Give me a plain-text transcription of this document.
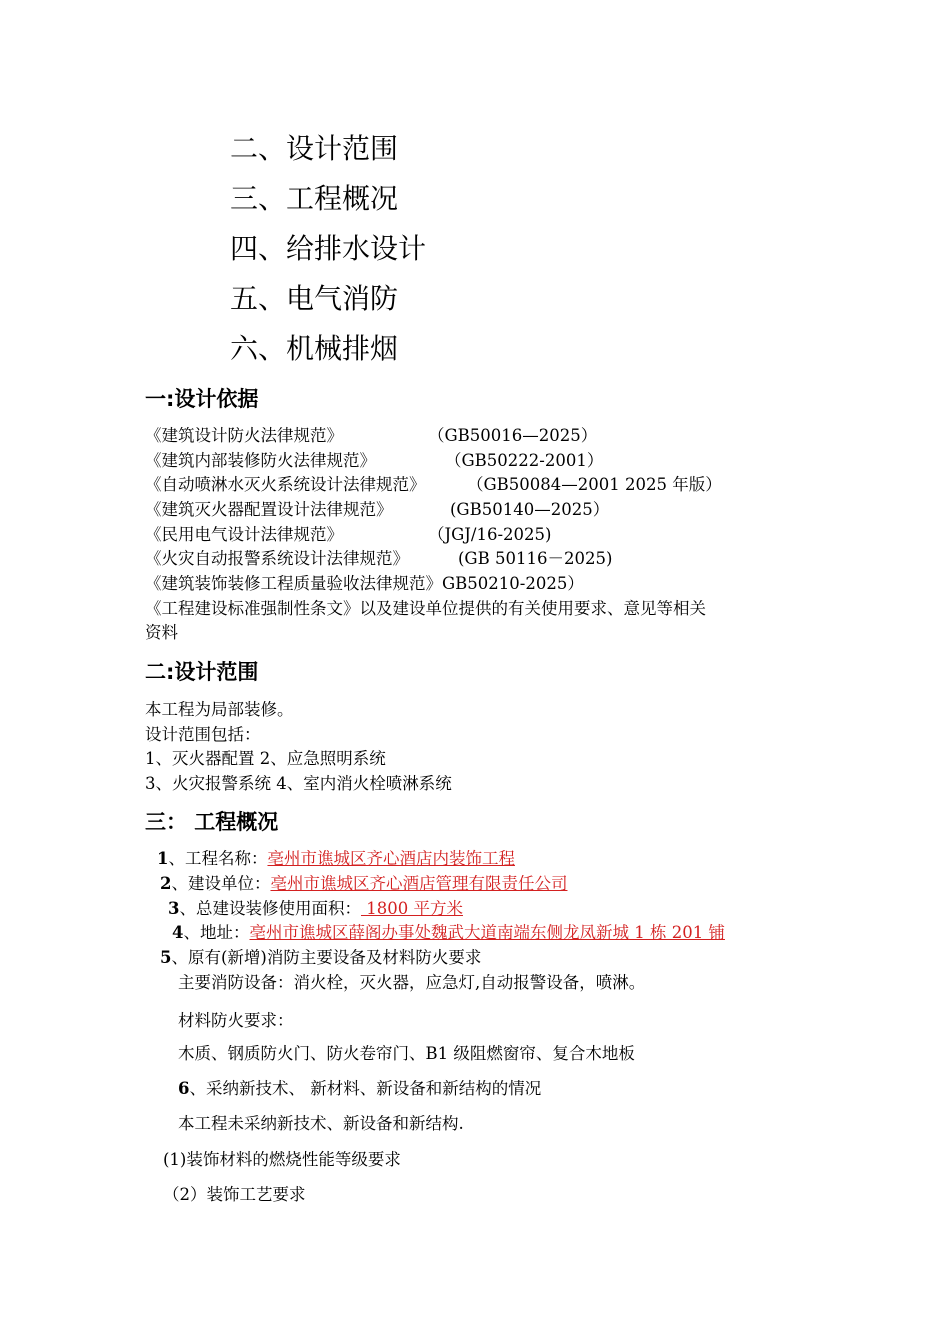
二、设计范围
三、工程概况
四、给排水设计
五、电气消防
六、机械排烟
一:设计依据
《建筑设计防火法律规范》	（GB50016—2025）
《建筑内部装修防火法律规范》	（GB50222-2001）
《自动喷淋水灭火系统设计法律规范》	（GB50084—2001 2025 年版）
《建筑灭火器配置设计法律规范》	(GB50140—2025）
《民用电气设计法律规范》	（JGJ/16-2025)
《火灾自动报警系统设计法律规范》	(GB 50116－2025)
《建筑装饰装修工程质量验收法律规范》GB50210-2025）
《工程建设标准强制性条文》以及建设单位提供的有关使用要求、意见等相关
资料
二:设计范围
本工程为局部装修。
设计范围包括：
1、灭火器配置 2、应急照明系统
3、火灾报警系统 4、室内消火栓喷淋系统
三： 工程概况
1、工程名称：亳州市谯城区齐心酒店内装饰工程
2、建设单位：亳州市谯城区齐心酒店管理有限责任公司
3、总建设装修使用面积： 1800 平方米
4、地址：亳州市谯城区薛阁办事处魏武大道南端东侧龙凤新城 1 栋 201 铺
5、原有(新增)消防主要设备及材料防火要求
主要消防设备：消火栓，灭火器，应急灯,自动报警设备，喷淋。
材料防火要求：
木质、钢质防火门、防火卷帘门、B1 级阻燃窗帘、复合木地板
6、采纳新技术、 新材料、新设备和新结构的情况
本工程未采纳新技术、新设备和新结构.
(1)装饰材料的燃烧性能等级要求
（2）装饰工艺要求
